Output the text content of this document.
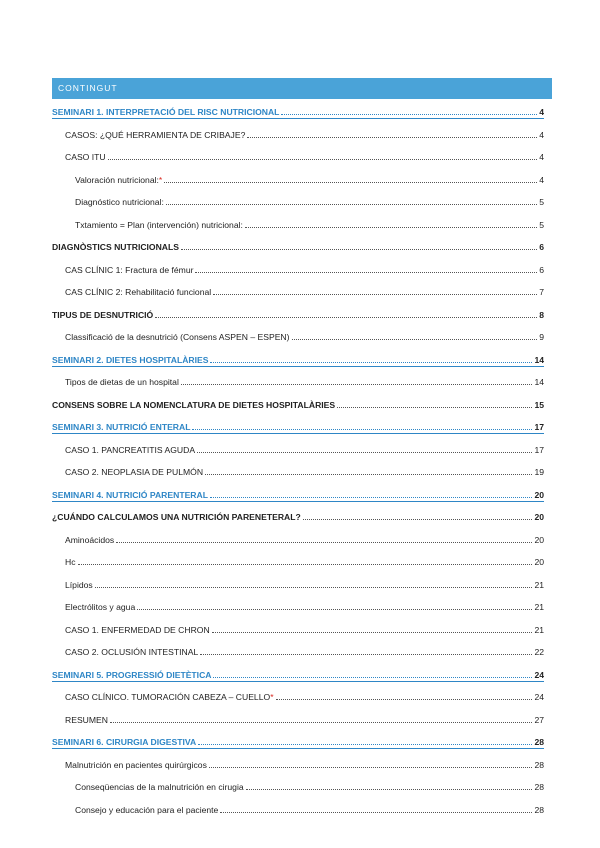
CONTINGUT
SEMINARI 1. INTERPRETACIÓ DEL RISC NUTRICIONAL	4
CASOS: ¿QUÉ HERRAMIENTA DE CRIBAJE?	4
CASO ITU	4
Valoración nutricional:*	4
Diagnóstico nutricional:	5
Txtamiento = Plan (intervención) nutricional:	5
DIAGNÒSTICS NUTRICIONALS	6
CAS CLÍNIC 1: Fractura de fémur	6
CAS CLÍNIC 2: Rehabilitació funcional	7
TIPUS DE DESNUTRICIÓ	8
Classificació de la desnutrició (Consens ASPEN – ESPEN)	9
SEMINARI 2. DIETES HOSPITALÀRIES	14
Tipos de dietas de un hospital	14
CONSENS SOBRE LA NOMENCLATURA DE DIETES HOSPITALÀRIES	15
SEMINARI 3. NUTRICIÓ ENTERAL	17
CASO 1. PANCREATITIS AGUDA	17
CASO 2. NEOPLASIA DE PULMÓN	19
SEMINARI 4. NUTRICIÓ PARENTERAL	20
¿CUÁNDO CALCULAMOS UNA NUTRICIÓN PARENETERAL?	20
Aminoácidos	20
Hc	20
Lípidos	21
Electrólitos y agua	21
CASO 1. ENFERMEDAD DE CHRON	21
CASO 2. OCLUSIÓN INTESTINAL	22
SEMINARI 5. PROGRESSIÓ DIETÈTICA	24
CASO CLÍNICO. TUMORACIÓN CABEZA – CUELLO*	24
RESUMEN	27
SEMINARI 6. CIRURGIA DIGESTIVA	28
Malnutrición en pacientes quirúrgicos	28
Conseqüencias de la malnutrición en cirugia	28
Consejo y educación para el paciente	28
